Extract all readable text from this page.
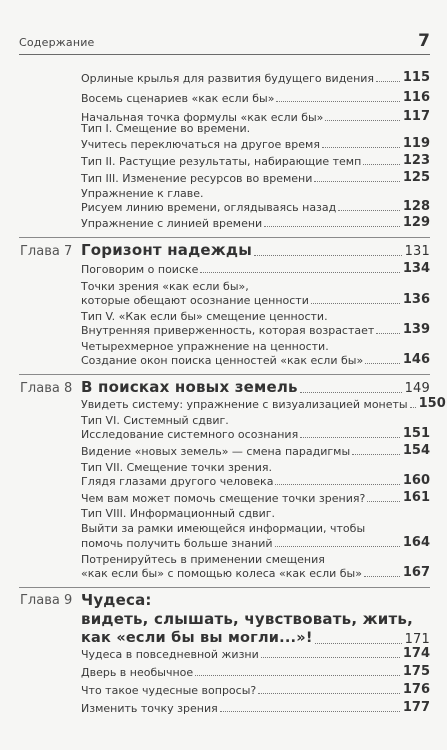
Содержание	7
Орлиные крылья для развития будущего видения 115
Восемь сценариев «как если бы»	116
Начальная точка формулы «как если бы»	117
Тип I. Смещение во времени.
Учитесь переключаться на другое время	119
Тип II. Растущие результаты, набирающие темп	123
Тип III. Изменение ресурсов во времени	125
Упражнение к главе.
Рисуем линию времени, оглядываясь назад	128
Упражнение с линией времени	129
Глава 7 Горизонт надежды	131
Поговорим о поиске	134
Точки зрения «как если бы»,
которые обещают осознание ценности	136
Тип V. «Как если бы» смещение ценности.
Внутренняя приверженность, которая возрастает 139
Четырехмерное упражнение на ценности.
Создание окон поиска ценностей «как если бы»	146
Глава 8 В поисках новых земель	149
Увидеть систему: упражнение с визуализацией монеты 150
Тип VI. Системный сдвиг.
Исследование системного осознания	151
Видение «новых земель» — смена парадигмы	154
Тип VII. Смещение точки зрения.
Глядя глазами другого человека	160
Чем вам может помочь смещение точки зрения?	161
Тип VIII. Информационный сдвиг.
Выйти за рамки имеющейся информации, чтобы
помочь получить больше знаний	164
Потренируйтесь в применении смещения
«как если бы» с помощью колеса «как если бы»	167
Глава 9 Чудеса:
видеть, слышать, чувствовать, жить,
как «если бы вы могли...»!	171
Чудеса в повседневной жизни	174
Дверь в необычное	175
Что такое чудесные вопросы?	176
Изменить точку зрения	177
